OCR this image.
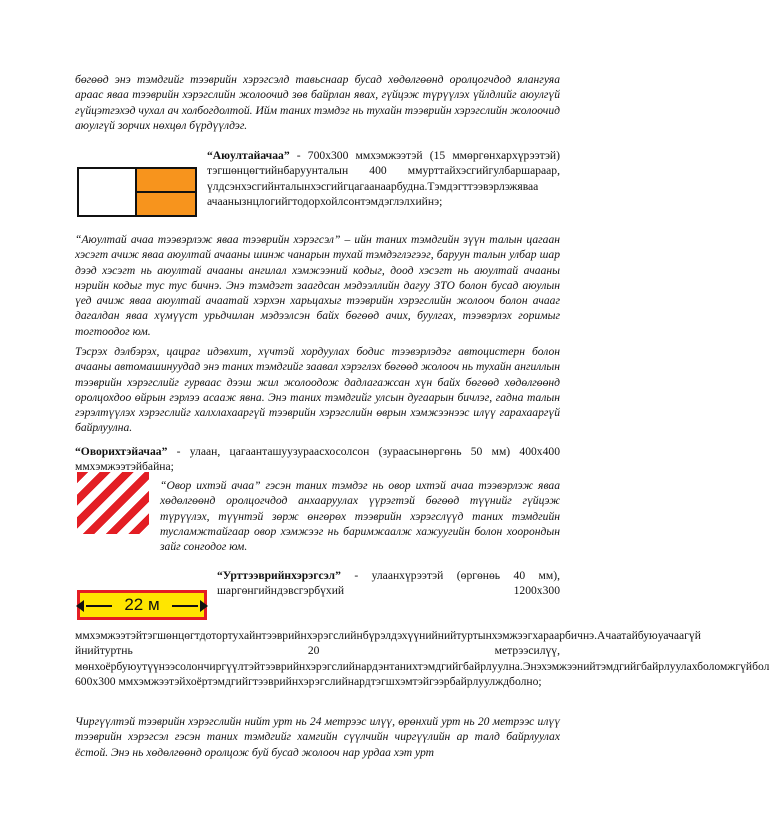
бөгөөд энэ тэмдгийг тээврийн хэрэгсэлд тавьснаар бусад хөдөлгөөнд оролцогчдод ялангуяа араас яваа тээврийн хэрэгслийн жолоочид зөв байрлан явах, гүйцэж түрүүлэх үйлдлийг аюулгүй гүйцэтгэхэд чухал ач холбогдолтой. Ийм таних тэмдэг нь тухайн тээврийн хэрэгслийн жолоочид аюулгүй зорчих нөхцөл бүрдүүлдэг.

“Аюултайачаа” - 700x300 ммхэмжээтэй (15 ммөргөнхархүрээтэй) тэгшөнцөгтийнбаруунталын 400 ммурттайхэсгийгулбаршараар, үлдсэнхэсгийнталынхэсгийгцагаанаарбудна.Тэмдэгттээвэрлэжяваа ачаанызнцлогийгтодорхойлсонтэмдэглэлхийнэ;

“Аюултай ачаа тээвэрлэж яваа тээврийн хэрэгсэл” – ийн таних тэмдгийн зүүн талын цагаан хэсэгт ачиж яваа аюултай ачааны шинж чанарын тухай тэмдэглэгээг, баруун талын улбар шар дээд хэсэгт нь аюултай ачааны ангилал хэмжээний кодыг, доод хэсэгт нь аюултай ачааны нэрийн кодыг тус тус бичнэ. Энэ тэмдэгт заагдсан мэдээллийн дагуу ЗТО болон бусад аюулын үед ачиж яваа аюултай ачаатай хэрхэн харьцахыг тээврийн хэрэгслийн жолооч болон ачааг дагалдан яваа хүмүүст урьдчилан мэдээлсэн байх бөгөөд ачих, буулгах, тээвэрлэх горимыг тогтоодог юм.

Тэсрэх дэлбэрэх, цацраг идэвхит, хүчтэй хордуулах бодис тээвэрлэдэг автоцистерн болон ачааны автомашинуудад энэ таних тэмдгийг заавал хэрэглэх бөгөөд жолооч нь тухайн ангиллын тээврийн хэрэгслийг гурваас дээш жил жолоодож дадлагажсан хүн байх бөгөөд хөдөлгөөнд оролцохдоо өйрын гэрлээ асааж явна. Энэ таних тэмдгийг улсын дугаарын бичлэг, гадна талын гэрэлтүүлэх хэрэгслийг халхлахааргүй тээврийн хэрэгслийн өврын хэмжээнээс илүү гарахааргүй байрлуулна.

“Оворихтэйачаа” - улаан, цагаанташуузураасхосолсон (зураасынөргөнь 50 мм) 400х400 ммхэмжээтэйбайна;

“Овор ихтэй ачаа” гэсэн таних тэмдэг нь овор ихтэй ачаа тээвэрлэж яваа хөдөлгөөнд оролцогчдод анхааруулах үүрэгтэй бөгөөд түүнийг гүйцэж түрүүлэх, түүнтэй зөрж өнгөрөх тээврийн хэрэгслүүд таних тэмдгийн тусламжтайгаар овор хэмжээг нь баримжаалж хажуугийн болон хоорондын зайг сонгодог юм.

22 м

“Урттээврийнхэрэгсэл” - улаанхүрээтэй (өргөнөь 40 мм), шаргөнгийндэвсгэрбүхий 1200х300 ммхэмжээтэйтэгшөнцөгтдотортухайнтээврийнхэрэгслийнбүрэлдэхүүнийнийтуртынхэмжээгхараарбичнэ.Ачаатайбуюуачаагүй йнийтуртнь 20 метрээсилүү, мөнхоёрбуюутүүнээсолончиргүүлтэйтээврийнхэрэгслийнардэнтанихтэмдгийгбайрлуулна.Энэхэмжээнийтэмдгийгбайрлуулахболомжгүйбол 600х300 ммхэмжээтэйхоёртэмдгийгтээврийнхэрэгслийнардтэгшхэмтэйгээрбайрлуулждболно;

Чиргүүлтэй тээврийн хэрэгслийн нийт урт нь 24 метрээс илүү, өрөнхий урт нь 20 метрээс илүү тээврийн хэрэгсэл гэсэн таних тэмдгийг хамгийн сүүлчийн чиргүүлийн ар талд байрлуулах ёстой. Энэ нь хөдөлгөөнд оролцож буй бусад жолооч нар урдаа хэт урт
